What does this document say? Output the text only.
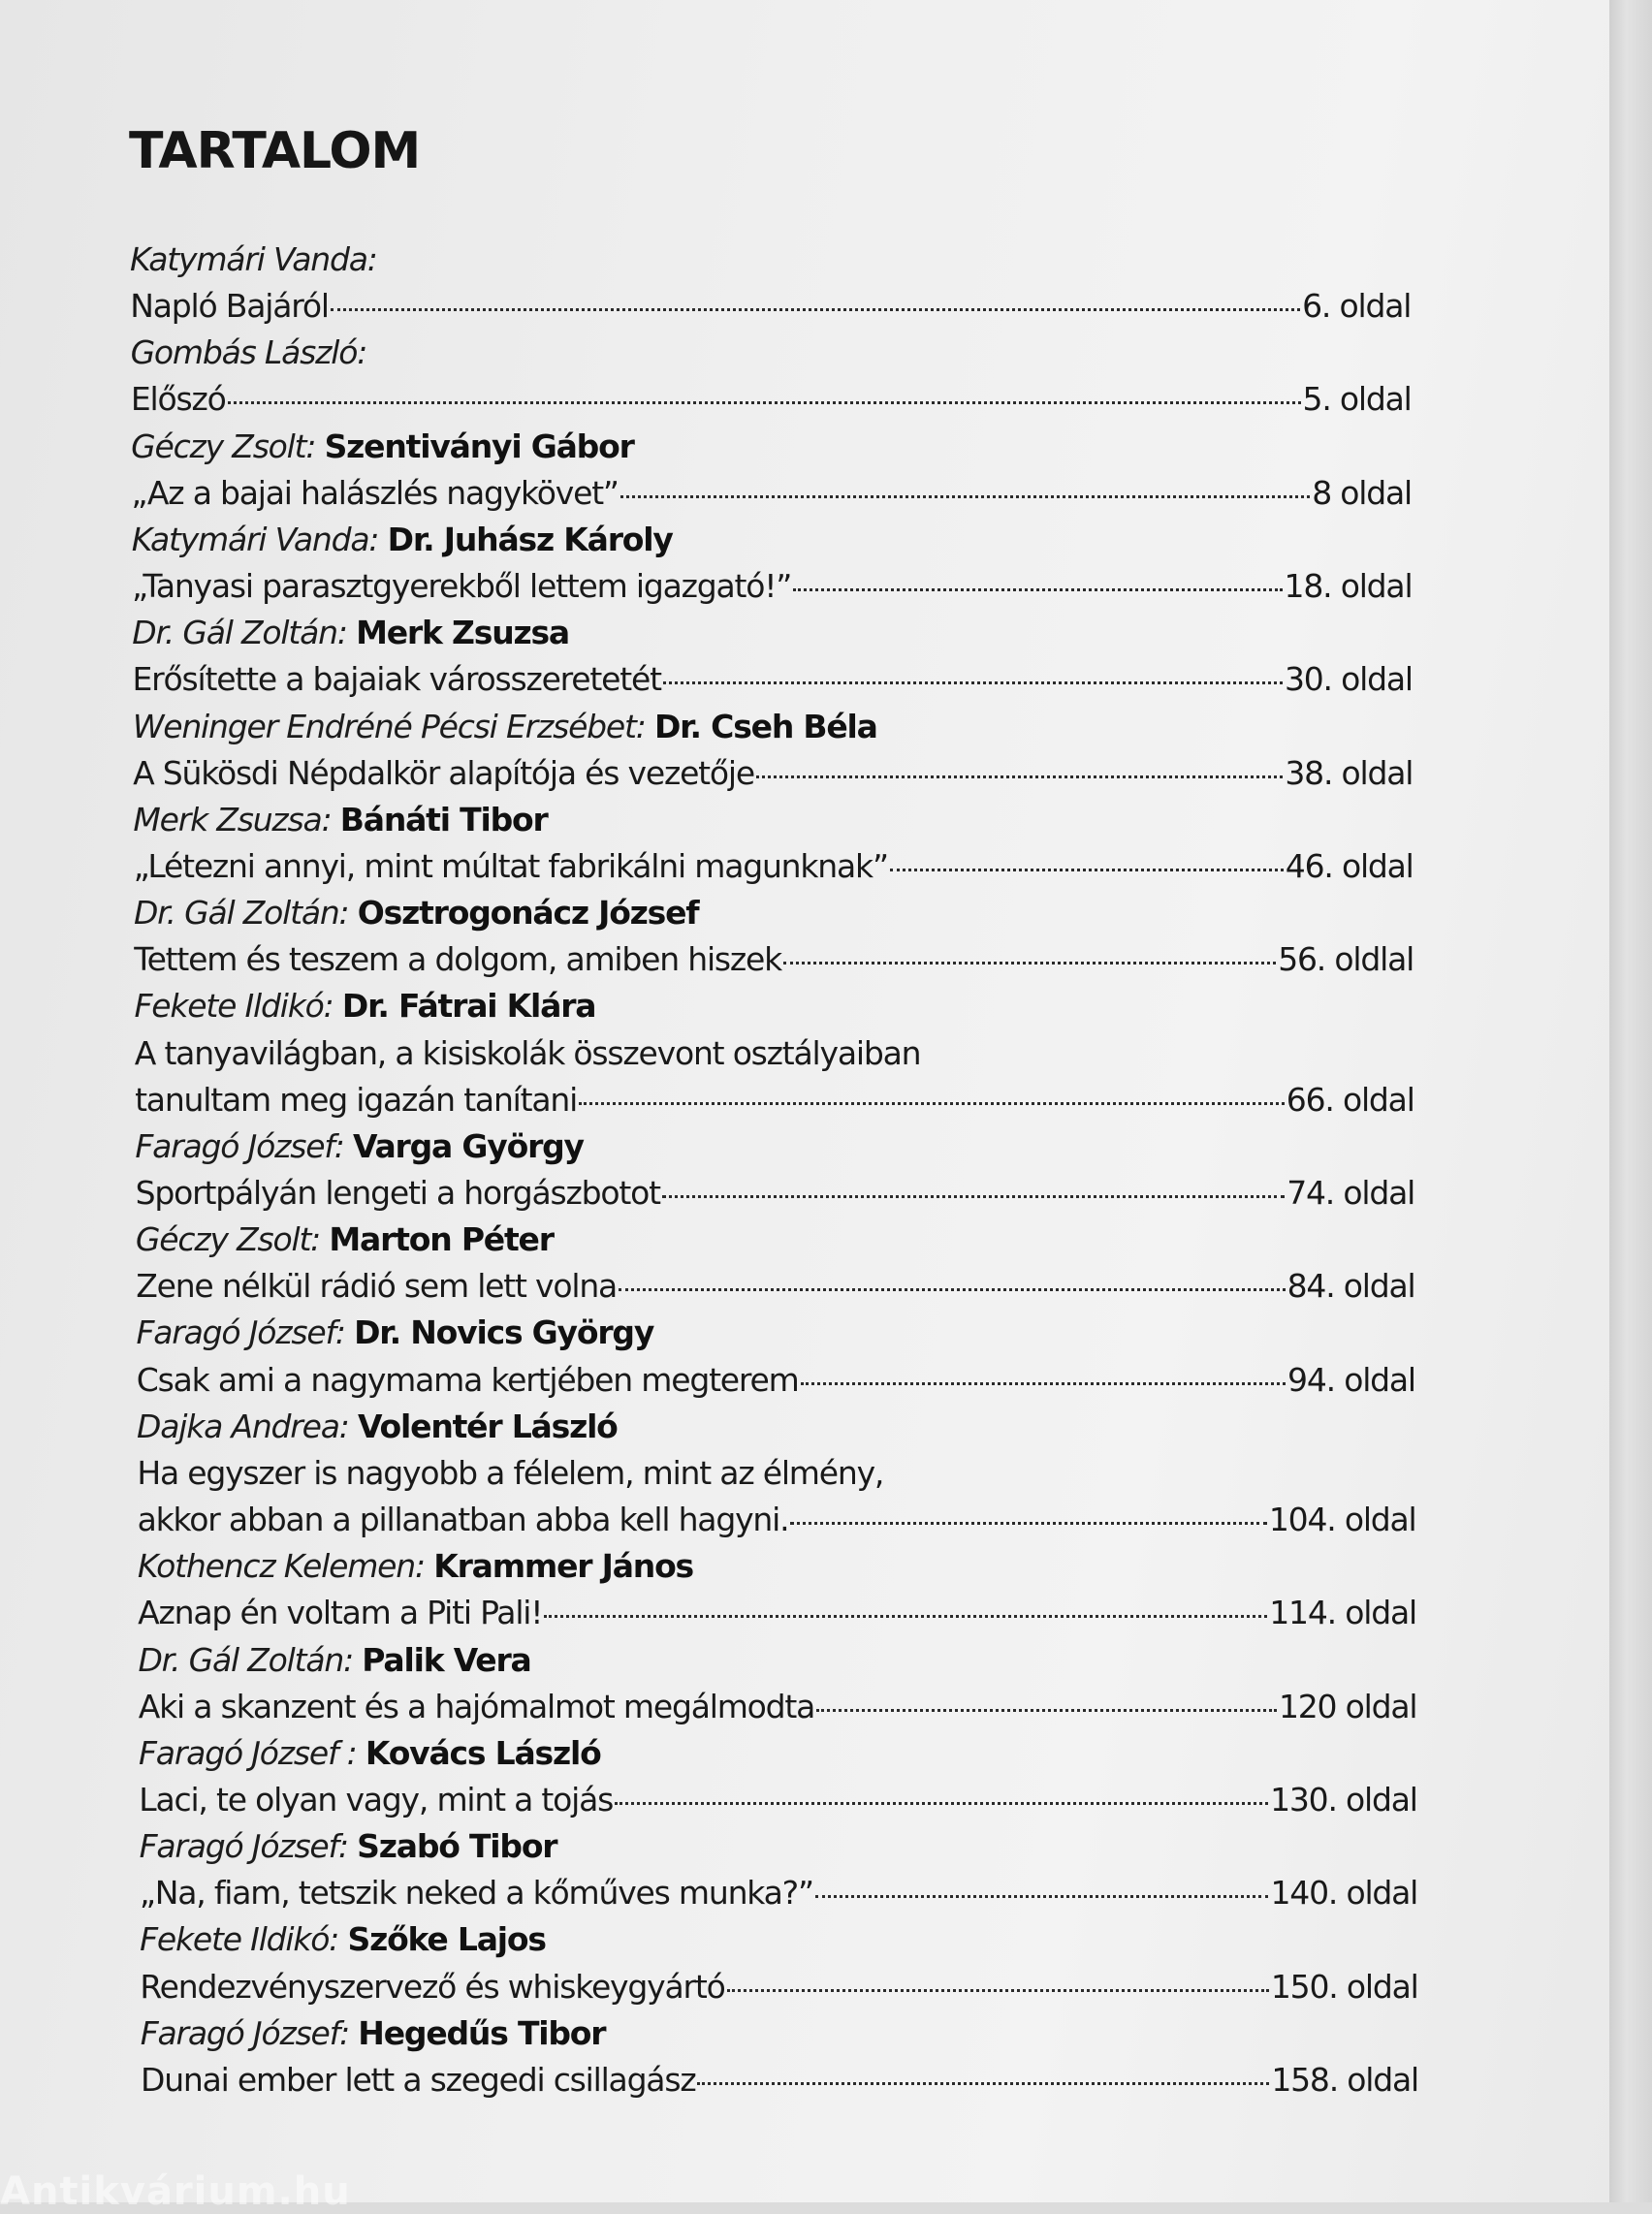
TARTALOM
Katymári Vanda:
Napló Bajáról	6. oldal
Gombás László:
Előszó	5. oldal
Géczy Zsolt: Szentiványi Gábor
„Az a bajai halászlés nagykövet”	8 oldal
Katymári Vanda: Dr. Juhász Károly
„Tanyasi parasztgyerekből lettem igazgató!”	18. oldal
Dr. Gál Zoltán: Merk Zsuzsa
Erősítette a bajaiak városszeretetét	30. oldal
Weninger Endréné Pécsi Erzsébet: Dr. Cseh Béla
A Sükösdi Népdalkör alapítója és vezetője	38. oldal
Merk Zsuzsa: Bánáti Tibor
„Létezni annyi, mint múltat fabrikálni magunknak”	46. oldal
Dr. Gál Zoltán: Osztrogonácz József
Tettem és teszem a dolgom, amiben hiszek	56. oldlal
Fekete Ildikó: Dr. Fátrai Klára
A tanyavilágban, a kisiskolák összevont osztályaiban
tanultam meg igazán tanítani	66. oldal
Faragó József: Varga György
Sportpályán lengeti a horgászbotot	74. oldal
Géczy Zsolt: Marton Péter
Zene nélkül rádió sem lett volna	84. oldal
Faragó József: Dr. Novics György
Csak ami a nagymama kertjében megterem	94. oldal
Dajka Andrea: Volentér László
Ha egyszer is nagyobb a félelem, mint az élmény,
akkor abban a pillanatban abba kell hagyni.	104. oldal
Kothencz Kelemen: Krammer János
Aznap én voltam a Piti Pali!	114. oldal
Dr. Gál Zoltán: Palik Vera
Aki a skanzent és a hajómalmot megálmodta	120 oldal
Faragó József : Kovács László
Laci, te olyan vagy, mint a tojás	130. oldal
Faragó József: Szabó Tibor
„Na, fiam, tetszik neked a kőműves munka?”	140. oldal
Fekete Ildikó: Szőke Lajos
Rendezvényszervező és whiskeygyártó	150. oldal
Faragó József: Hegedűs Tibor
Dunai ember lett a szegedi csillagász	158. oldal
Antikvárium.hu
